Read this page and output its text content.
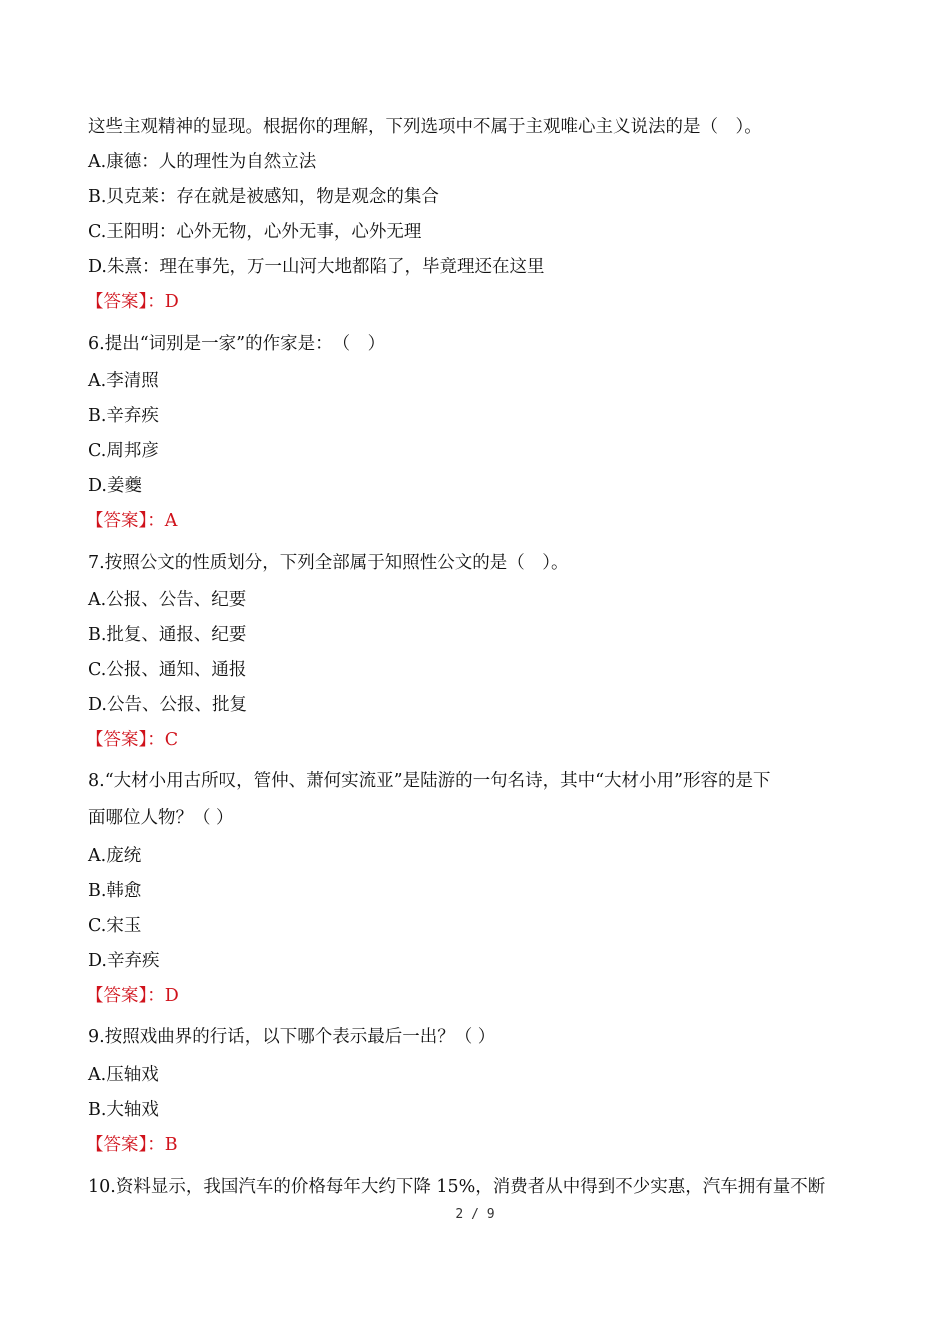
这些主观精神的显现。根据你的理解，下列选项中不属于主观唯心主义说法的是（　）。
A.康德：人的理性为自然立法
B.贝克莱：存在就是被感知，物是观念的集合
C.王阳明：心外无物，心外无事，心外无理
D.朱熹：理在事先，万一山河大地都陷了，毕竟理还在这里
【答案】：D
6.提出“词别是一家”的作家是：　（　）
A.李清照
B.辛弃疾
C.周邦彦
D.姜夔
【答案】：A
7.按照公文的性质划分，下列全部属于知照性公文的是（　）。
A.公报、公告、纪要
B.批复、通报、纪要
C.公报、通知、通报
D.公告、公报、批复
【答案】：C
8.“大材小用古所叹，管仲、萧何实流亚”是陆游的一句名诗，其中“大材小用”形容的是下
面哪位人物？（ ）
A.庞统
B.韩愈
C.宋玉
D.辛弃疾
【答案】：D
9.按照戏曲界的行话，以下哪个表示最后一出？（ ）
A.压轴戏
B.大轴戏
【答案】：B
10.资料显示，我国汽车的价格每年大约下降 15%，消费者从中得到不少实惠，汽车拥有量不断
2 / 9
